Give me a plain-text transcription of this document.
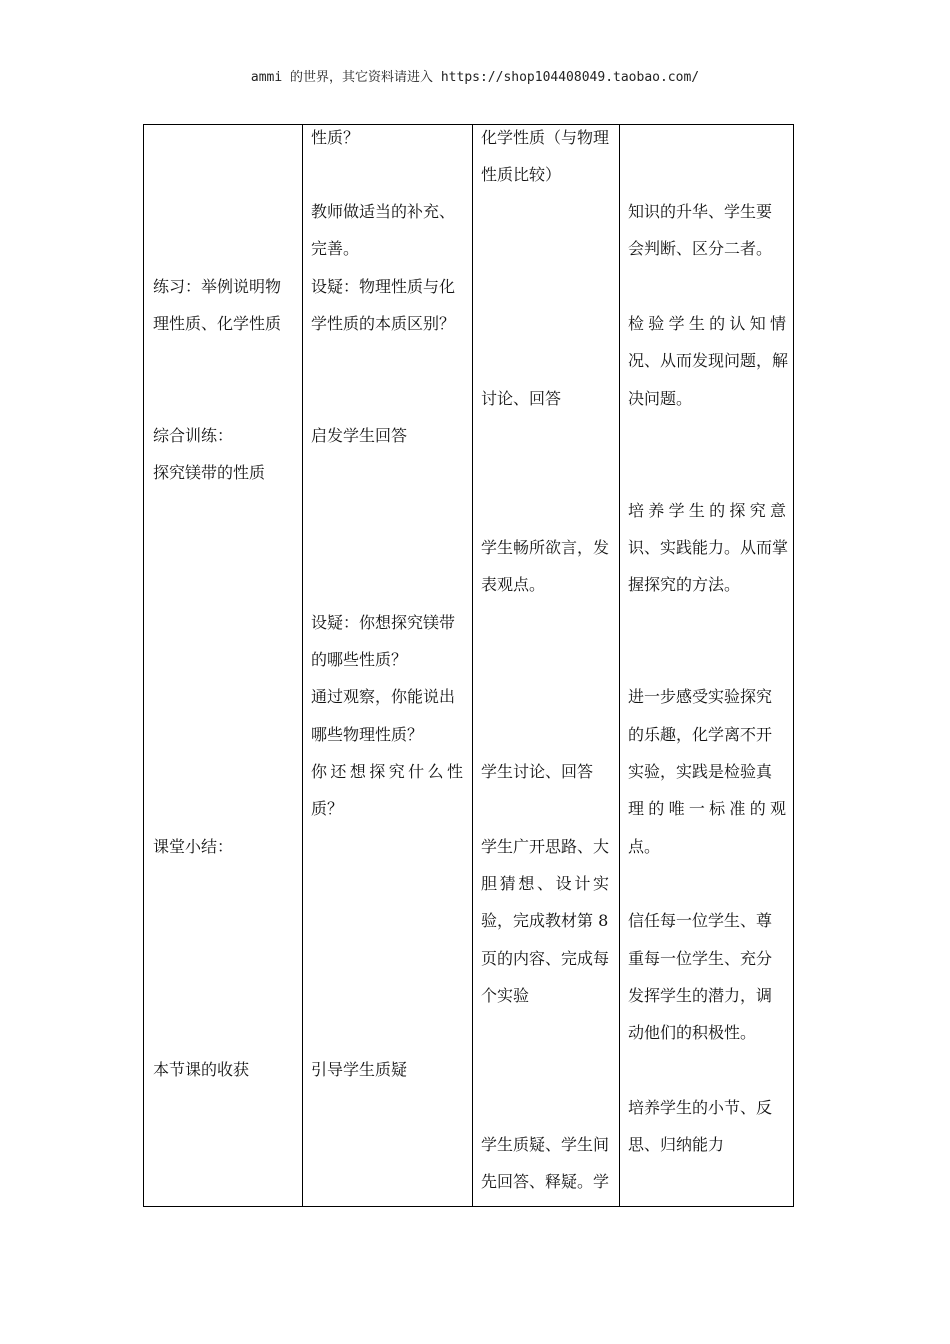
ammi 的世界，其它资料请进入 https://shop104408049.taobao.com/
练习：举例说明物
理性质、化学性质
综合训练：
探究镁带的性质
课堂小结：
本节课的收获
性质？
教师做适当的补充、
完善。
设疑：物理性质与化
学性质的本质区别？
启发学生回答
设疑：你想探究镁带
的哪些性质？
通过观察，你能说出
哪些物理性质？
你还想探究什么性
质？
引导学生质疑
化学性质（与物理
性质比较）
讨论、回答
学生畅所欲言，发
表观点。
学生讨论、回答
学生广开思路、大
胆猜想、设计实
验，完成教材第 8
页的内容、完成每
个实验
学生质疑、学生间
先回答、释疑。学
知识的升华、学生要
会判断、区分二者。
检验学生的认知情
况、从而发现问题，解
决问题。
培养学生的探究意
识、实践能力。从而掌
握探究的方法。
进一步感受实验探究
的乐趣，化学离不开
实验，实践是检验真
理的唯一标准的观
点。
信任每一位学生、尊
重每一位学生、充分
发挥学生的潜力，调
动他们的积极性。
培养学生的小节、反
思、归纳能力
